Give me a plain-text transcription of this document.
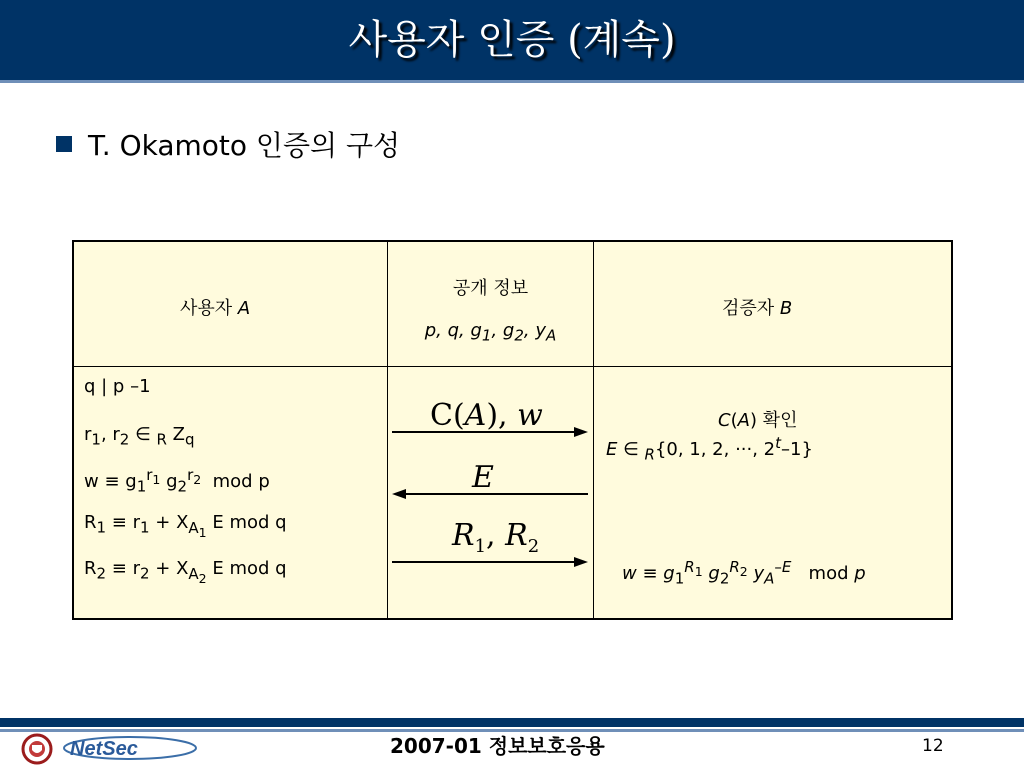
사용자 인증 (계속)
T. Okamoto 인증의 구성
사용자 A
공개 정보
p, q, $g_1$, $g_2$, $y_A$
검증자 B
q | p –1
$r_1$, $r_2$ ∈ $_R$ $Z_q$
$w \equiv g_1^{r_1}$ $g_2^{r_2}$  mod p
$R_1 \equiv r_1 + X_{A_1}$ E mod q
$R_2 \equiv r_2 + X_{A_2}$ E mod q
C(A), w
E
$R_1$, $R_2$
C(A) 확인
E ∈ $_R${0, 1, 2, ···, 2$^t$–1}
$w \equiv g_1^{R_1}$ $g_2^{R_2}$ $y_A^{-E}$   mod p
NetSec	2007-01 정보보호응용	12
